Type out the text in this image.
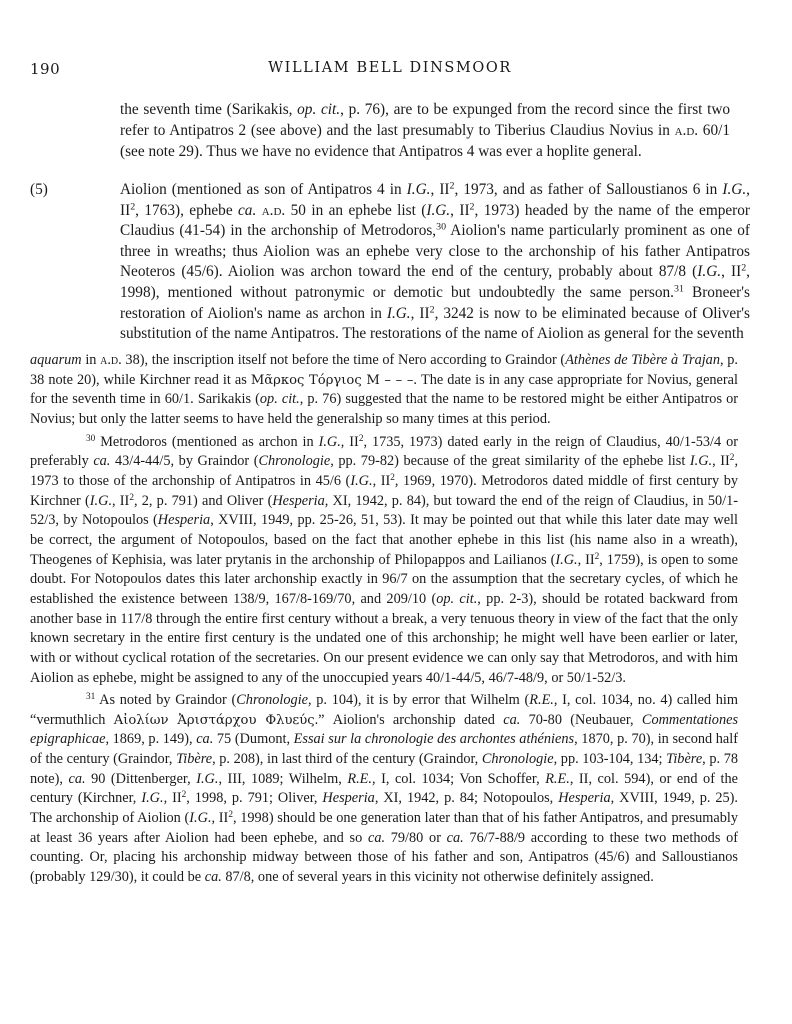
190	WILLIAM BELL DINSMOOR
the seventh time (Sarikakis, op. cit., p. 76), are to be expunged from the record since the first two refer to Antipatros 2 (see above) and the last presumably to Tiberius Claudius Novius in a.d. 60/1 (see note 29). Thus we have no evidence that Antipatros 4 was ever a hoplite general.
(5)	Aiolion (mentioned as son of Antipatros 4 in I.G., $II^2$, 1973, and as father of Salloustianos 6 in I.G., $II^2$, 1763), ephebe ca. a.d. 50 in an ephebe list (I.G., $II^2$, 1973) headed by the name of the emperor Claudius (41-54) in the archonship of Metrodoros,$^{30}$ Aiolion's name particularly prominent as one of three in wreaths; thus Aiolion was an ephebe very close to the archonship of his father Antipatros Neoteros (45/6). Aiolion was archon toward the end of the century, probably about 87/8 (I.G., $II^2$, 1998), mentioned without patronymic or demotic but undoubtedly the same person.$^{31}$ Broneer's restoration of Aiolion's name as archon in I.G., $II^2$, 3242 is now to be eliminated because of Oliver's substitution of the name Antipatros. The restorations of the name of Aiolion as general for the seventh

aquarum in a.d. 38), the inscription itself not before the time of Nero according to Graindor (Athènes de Tibère à Trajan, p. 38 note 20), while Kirchner read it as Μᾶρκος Τόργιος Μ – – –. The date is in any case appropriate for Novius, general for the seventh time in 60/1. Sarikakis (op. cit., p. 76) suggested that the name to be restored might be either Antipatros or Novius; but only the latter seems to have held the generalship so many times at this period.

$^{30}$ Metrodoros (mentioned as archon in I.G., $II^2$, 1735, 1973) dated early in the reign of Claudius, 40/1-53/4 or preferably ca. 43/4-44/5, by Graindor (Chronologie, pp. 79-82) because of the great similarity of the ephebe list I.G., $II^2$, 1973 to those of the archonship of Antipatros in 45/6 (I.G., $II^2$, 1969, 1970). Metrodoros dated middle of first century by Kirchner (I.G., $II^2$, 2, p. 791) and Oliver (Hesperia, XI, 1942, p. 84), but toward the end of the reign of Claudius, in 50/1-52/3, by Notopoulos (Hesperia, XVIII, 1949, pp. 25-26, 51, 53). It may be pointed out that while this later date may well be correct, the argument of Notopoulos, based on the fact that another ephebe in this list (his name also in a wreath), Theogenes of Kephisia, was later prytanis in the archonship of Philopappos and Lailianos (I.G., $II^2$, 1759), is open to some doubt. For Notopoulos dates this later archonship exactly in 96/7 on the assumption that the secretary cycles, of which he established the existence between 138/9, 167/8-169/70, and 209/10 (op. cit., pp. 2-3), should be rotated backward from another base in 117/8 through the entire first century without a break, a very tenuous theory in view of the fact that the only known secretary in the entire first century is the undated one of this archonship; he might well have been earlier or later, with or without cyclical rotation of the secretaries. On our present evidence we can only say that Metrodoros, and with him Aiolion as ephebe, might be assigned to any of the unoccupied years 40/1-44/5, 46/7-48/9, or 50/1-52/3.

$^{31}$ As noted by Graindor (Chronologie, p. 104), it is by error that Wilhelm (R.E., I, col. 1034, no. 4) called him “vermuthlich Αἰολίων Ἀριστάρχου Φλυεύς.” Aiolion's archonship dated ca. 70-80 (Neubauer, Commentationes epigraphicae, 1869, p. 149), ca. 75 (Dumont, Essai sur la chronologie des archontes athéniens, 1870, p. 70), in second half of the century (Graindor, Tibère, p. 208), in last third of the century (Graindor, Chronologie, pp. 103-104, 134; Tibère, p. 78 note), ca. 90 (Dittenberger, I.G., III, 1089; Wilhelm, R.E., I, col. 1034; Von Schoffer, R.E., II, col. 594), or end of the century (Kirchner, I.G., $II^2$, 1998, p. 791; Oliver, Hesperia, XI, 1942, p. 84; Notopoulos, Hesperia, XVIII, 1949, p. 25). The archonship of Aiolion (I.G., $II^2$, 1998) should be one generation later than that of his father Antipatros, and presumably at least 36 years after Aiolion had been ephebe, and so ca. 79/80 or ca. 76/7-88/9 according to these two methods of counting. Or, placing his archonship midway between those of his father and son, Antipatros (45/6) and Salloustianos (probably 129/30), it could be ca. 87/8, one of several years in this vicinity not otherwise definitely assigned.
